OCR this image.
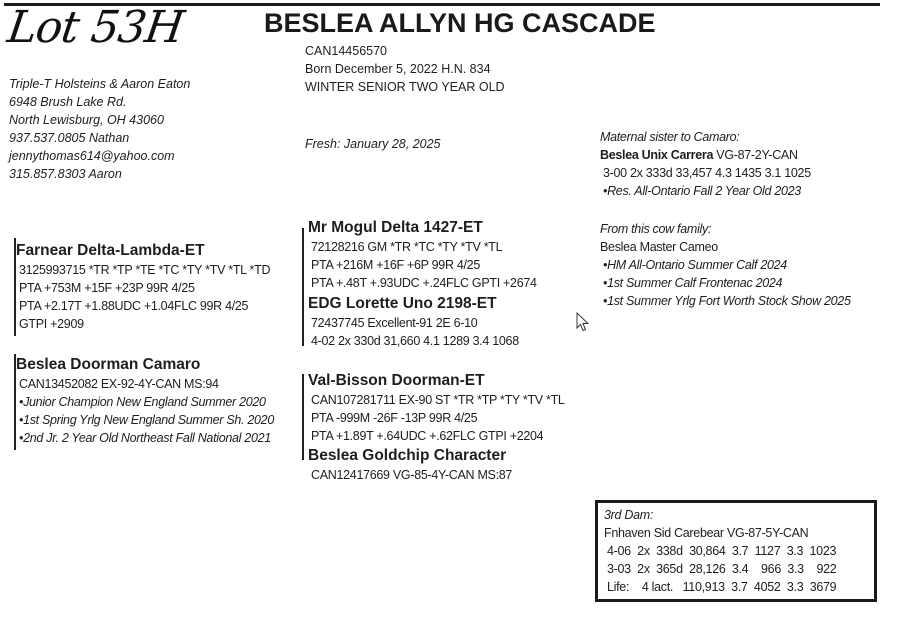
Lot 53H	BESLEA ALLYN HG CASCADE
CAN14456570
Born December 5, 2022 H.N. 834
WINTER SENIOR TWO YEAR OLD
Fresh: January 28, 2025
Triple-T Holsteins & Aaron Eaton
6948 Brush Lake Rd.
North Lewisburg, OH 43060
937.537.0805 Nathan
jennythomas614@yahoo.com
315.857.8303 Aaron
Mr Mogul Delta 1427-ET
72128216 GM *TR *TC *TY *TV *TL
PTA +216M +16F +6P 99R 4/25
PTA +.48T +.93UDC +.24FLC GPTI +2674
EDG Lorette Uno 2198-ET
72437745 Excellent-91 2E 6-10
4-02 2x 330d 31,660 4.1 1289 3.4 1068
Farnear Delta-Lambda-ET
3125993715 *TR *TP *TE *TC *TY *TV *TL *TD
PTA +753M +15F +23P 99R 4/25
PTA +2.17T +1.88UDC +1.04FLC 99R 4/25
GTPI +2909
Beslea Doorman Camaro
CAN13452082 EX-92-4Y-CAN MS:94
•Junior Champion New England Summer 2020
•1st Spring Yrlg New England Summer Sh. 2020
•2nd Jr. 2 Year Old Northeast Fall National 2021
Val-Bisson Doorman-ET
CAN107281711 EX-90 ST *TR *TP *TY *TV *TL
PTA -999M -26F -13P 99R 4/25
PTA +1.89T +.64UDC +.62FLC GTPI +2204
Beslea Goldchip Character
CAN12417669 VG-85-4Y-CAN MS:87
Maternal sister to Camaro:
Beslea Unix Carrera VG-87-2Y-CAN
3-00 2x 333d 33,457 4.3 1435 3.1 1025
•Res. All-Ontario Fall 2 Year Old 2023
From this cow family:
Beslea Master Cameo
•HM All-Ontario Summer Calf 2024
•1st Summer Calf Frontenac 2024
•1st Summer Yrlg Fort Worth Stock Show 2025
3rd Dam:
Fnhaven Sid Carebear VG-87-5Y-CAN
4-06  2x  338d  30,864  3.7  1127  3.3  1023
3-03  2x  365d  28,126  3.4    966  3.3    922
Life:    4 lact.   110,913  3.7  4052  3.3  3679
